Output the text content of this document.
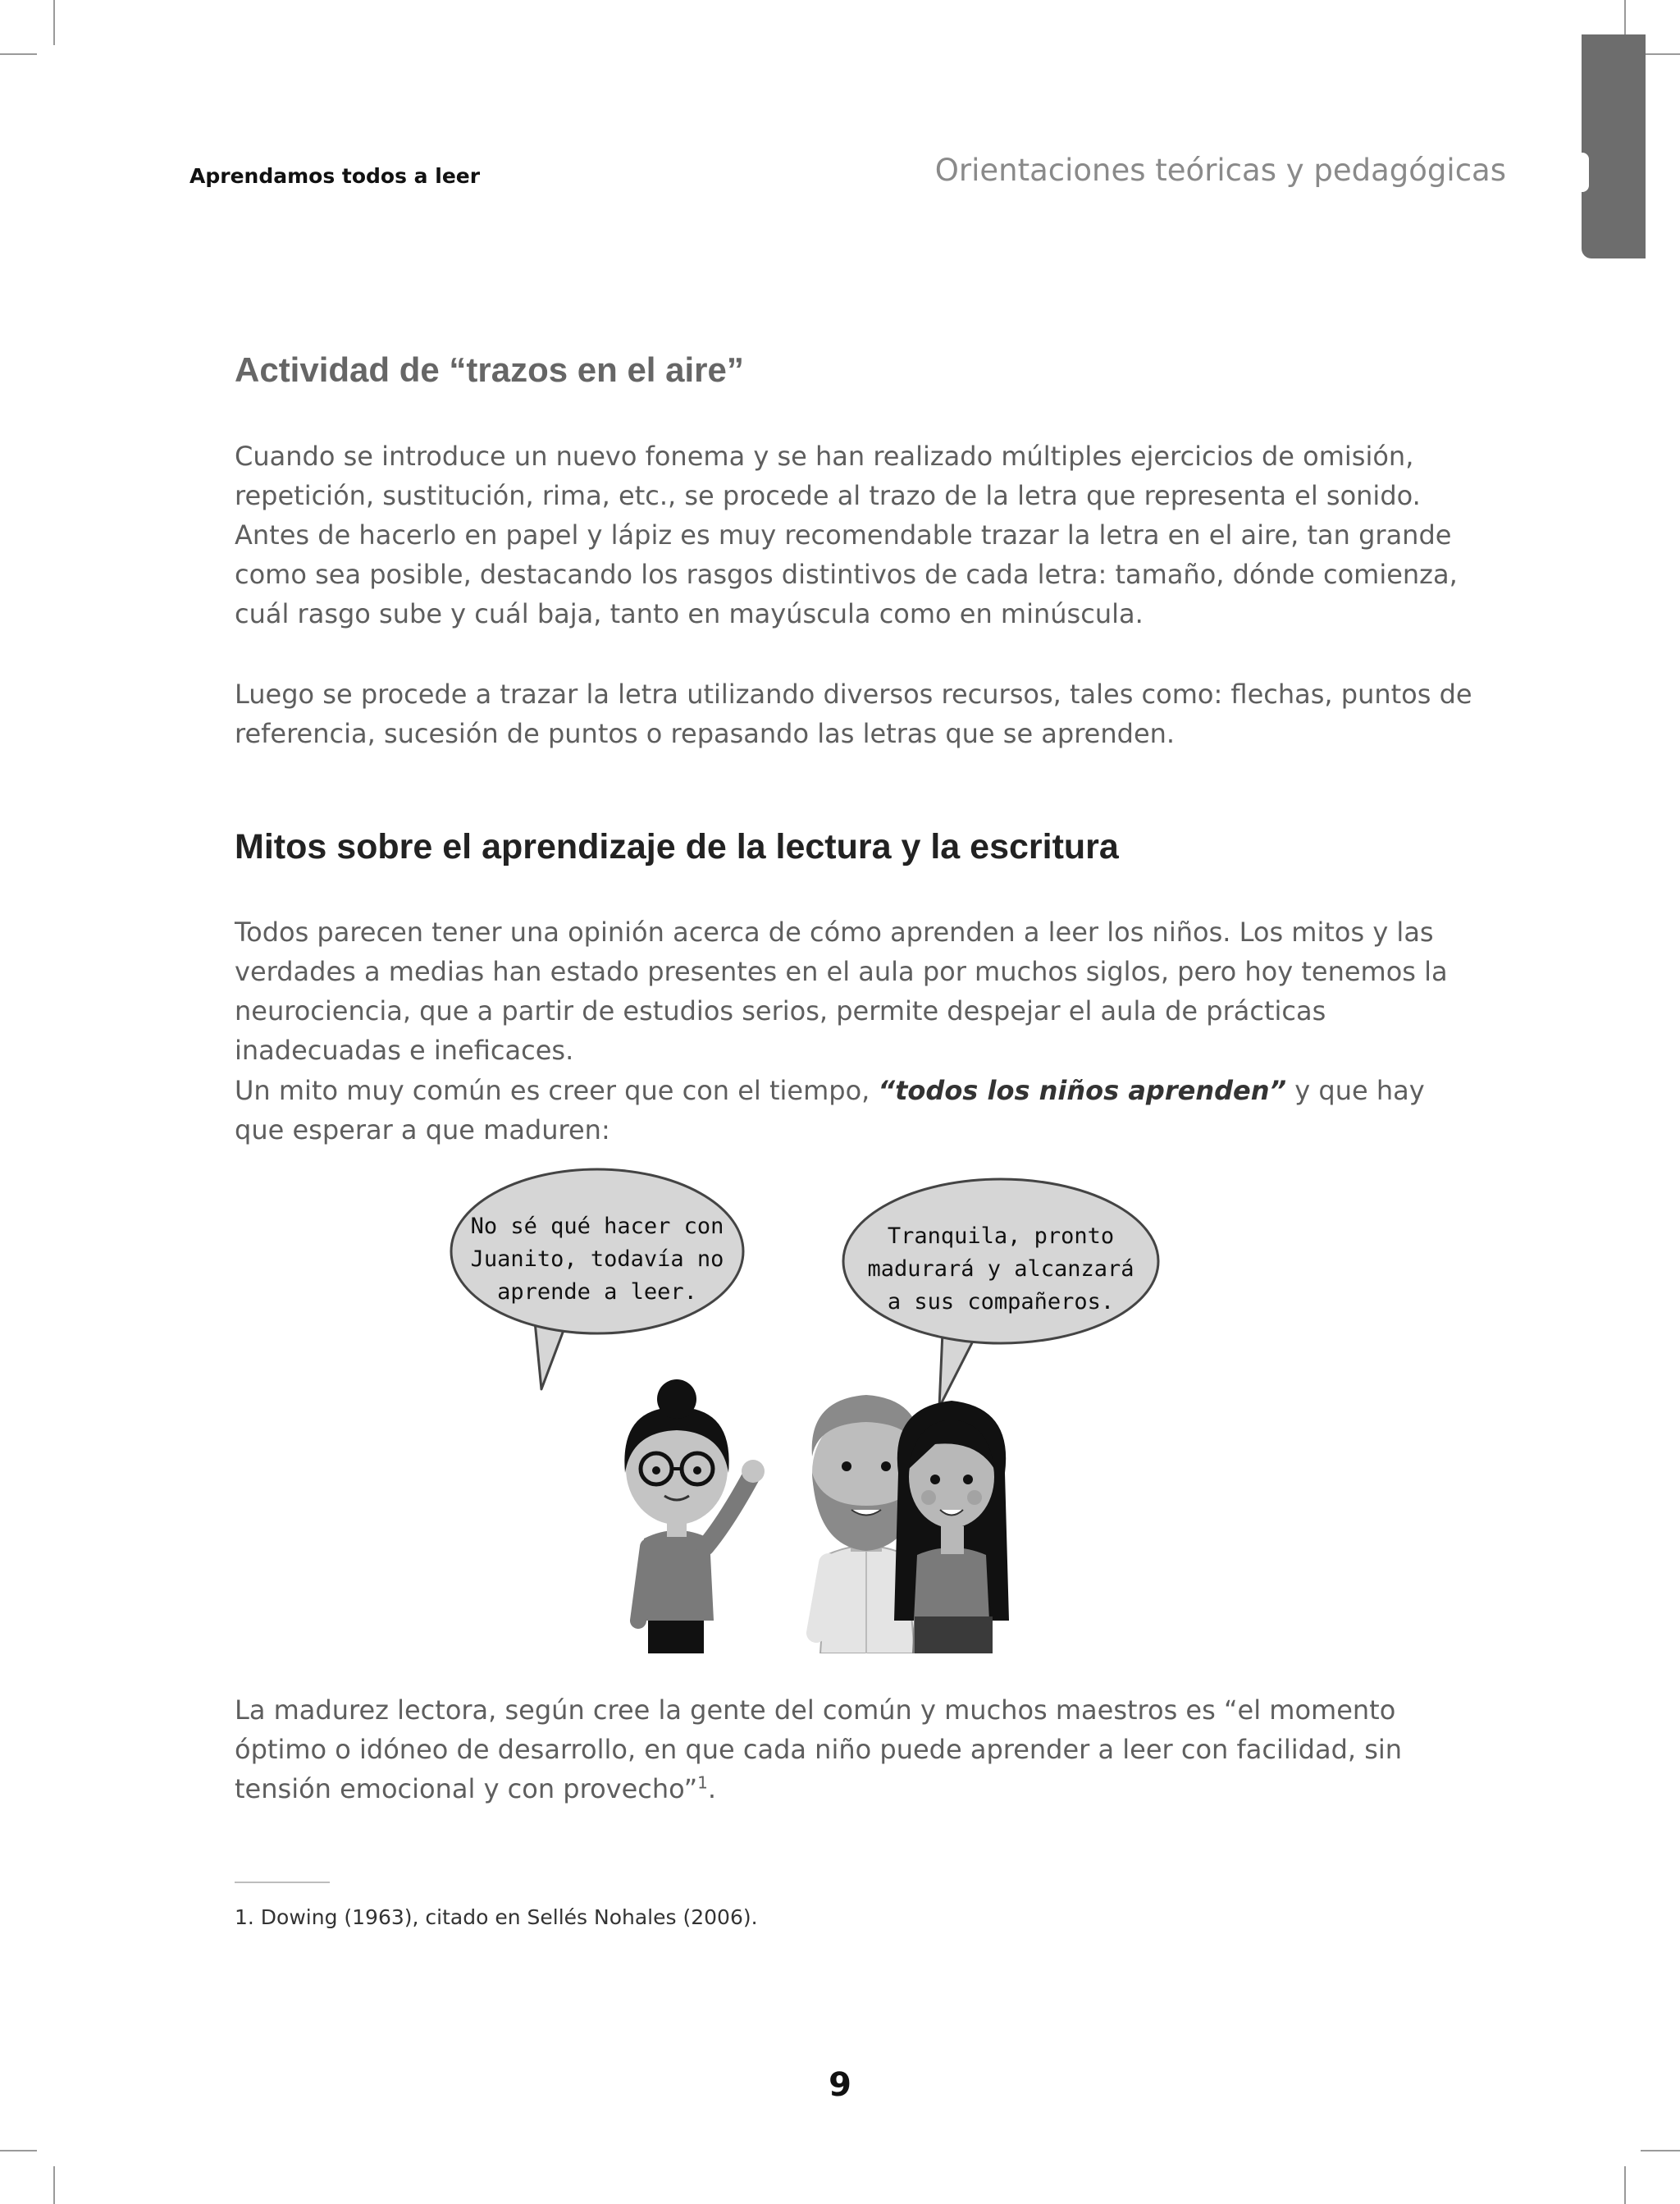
Aprendamos todos a leer	Orientaciones teóricas y pedagógicas
Actividad de “trazos en el aire”

Cuando se introduce un nuevo fonema y se han realizado múltiples ejercicios de omisión, repetición, sustitución, rima, etc., se procede al trazo de la letra que representa el sonido. Antes de hacerlo en papel y lápiz es muy recomendable trazar la letra en el aire, tan grande como sea posible, destacando los rasgos distintivos de cada letra: tamaño, dónde comienza, cuál rasgo sube y cuál baja, tanto en mayúscula como en minúscula.

Luego se procede a trazar la letra utilizando diversos recursos, tales como: flechas, puntos de referencia, sucesión de puntos o repasando las letras que se aprenden.

Mitos sobre el aprendizaje de la lectura y la escritura

Todos parecen tener una opinión acerca de cómo aprenden a leer los niños. Los mitos y las verdades a medias han estado presentes en el aula por muchos siglos, pero hoy tenemos la neurociencia, que a partir de estudios serios, permite despejar el aula de prácticas inadecuadas e ineficaces.

Un mito muy común es creer que con el tiempo, “todos los niños aprenden” y que hay que esperar a que maduren:

No sé qué hacer con
Juanito, todavía no
aprende a leer.
Tranquila, pronto
madurará y alcanzará
a sus compañeros.

La madurez lectora, según cree la gente del común y muchos maestros es “el momento óptimo o idóneo de desarrollo, en que cada niño puede aprender a leer con facilidad, sin tensión emocional y con provecho”$^1$.

1. Dowing (1963), citado en Sellés Nohales (2006).
9
